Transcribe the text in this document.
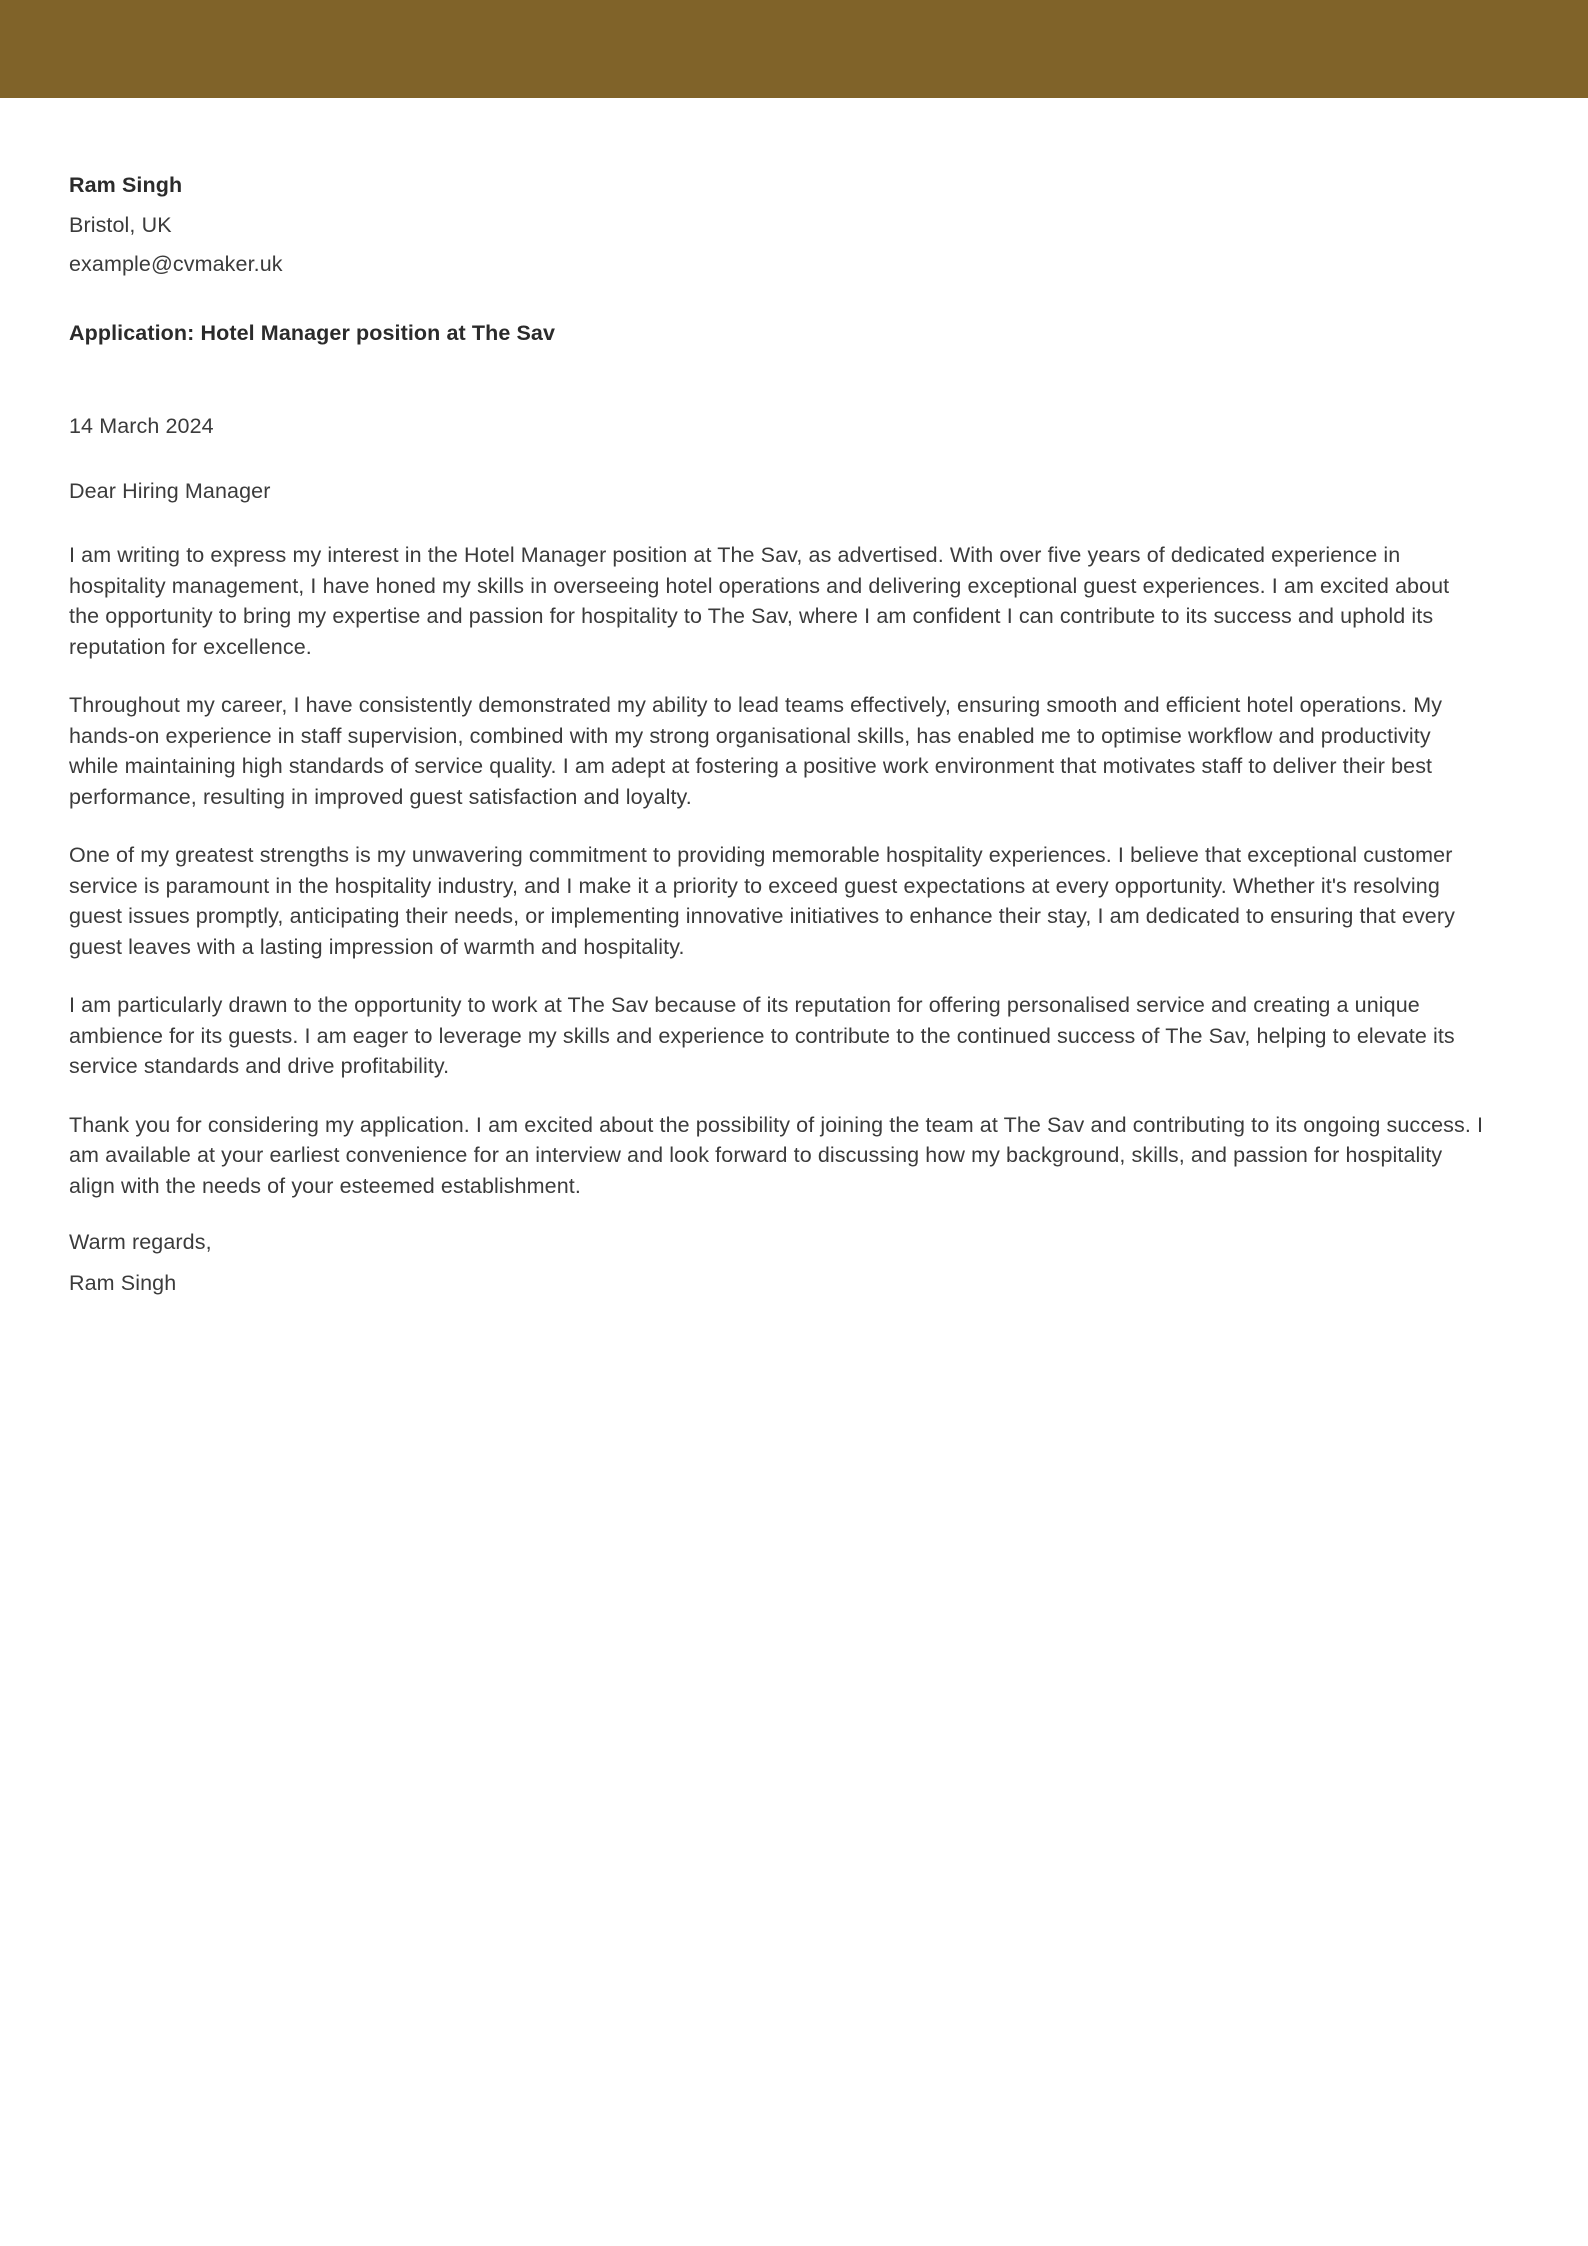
Ram Singh
Bristol, UK
example@cvmaker.uk
Application: Hotel Manager position at The Sav
14 March 2024
Dear Hiring Manager

I am writing to express my interest in the Hotel Manager position at The Sav, as advertised. With over five years of dedicated experience in hospitality management, I have honed my skills in overseeing hotel operations and delivering exceptional guest experiences. I am excited about the opportunity to bring my expertise and passion for hospitality to The Sav, where I am confident I can contribute to its success and uphold its reputation for excellence.

Throughout my career, I have consistently demonstrated my ability to lead teams effectively, ensuring smooth and efficient hotel operations. My hands-on experience in staff supervision, combined with my strong organisational skills, has enabled me to optimise workflow and productivity while maintaining high standards of service quality. I am adept at fostering a positive work environment that motivates staff to deliver their best performance, resulting in improved guest satisfaction and loyalty.

One of my greatest strengths is my unwavering commitment to providing memorable hospitality experiences. I believe that exceptional customer service is paramount in the hospitality industry, and I make it a priority to exceed guest expectations at every opportunity. Whether it's resolving guest issues promptly, anticipating their needs, or implementing innovative initiatives to enhance their stay, I am dedicated to ensuring that every guest leaves with a lasting impression of warmth and hospitality.

I am particularly drawn to the opportunity to work at The Sav because of its reputation for offering personalised service and creating a unique ambience for its guests. I am eager to leverage my skills and experience to contribute to the continued success of The Sav, helping to elevate its service standards and drive profitability.

Thank you for considering my application. I am excited about the possibility of joining the team at The Sav and contributing to its ongoing success. I am available at your earliest convenience for an interview and look forward to discussing how my background, skills, and passion for hospitality align with the needs of your esteemed establishment.

Warm regards,
Ram Singh
